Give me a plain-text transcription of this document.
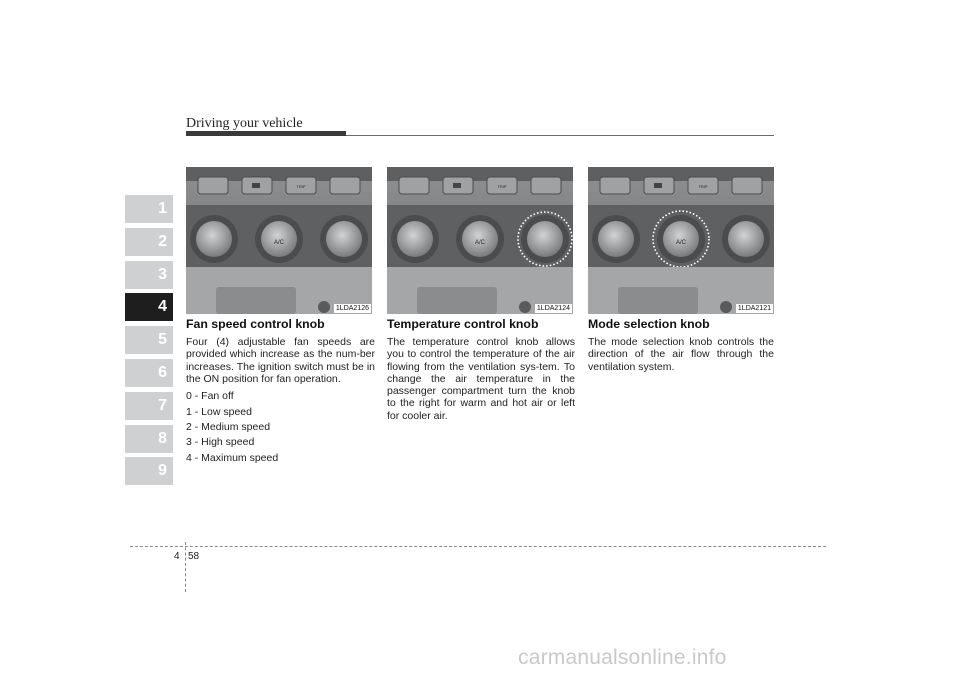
Driving your vehicle
1
2
3
4
5
6
7
8
9
TRIP
A/C
1LDA2126
TRIP
A/C
1LDA2124
TRIP
A/C
1LDA2121
Fan speed control knob

Four (4) adjustable fan speeds are provided which increase as the num-ber increases. The ignition switch must be in the ON position for fan operation.

0 - Fan off
1 - Low speed
2 - Medium speed
3 - High speed
4 - Maximum speed
Temperature control knob

The temperature control knob allows you to control the temperature of the air flowing from the ventilation sys-tem. To change the air temperature in the passenger compartment turn the knob to the right for warm and hot air or left for cooler air.

Mode selection knob

The mode selection knob controls the direction of the air flow through the ventilation system.

4 58
carmanualsonline.info
